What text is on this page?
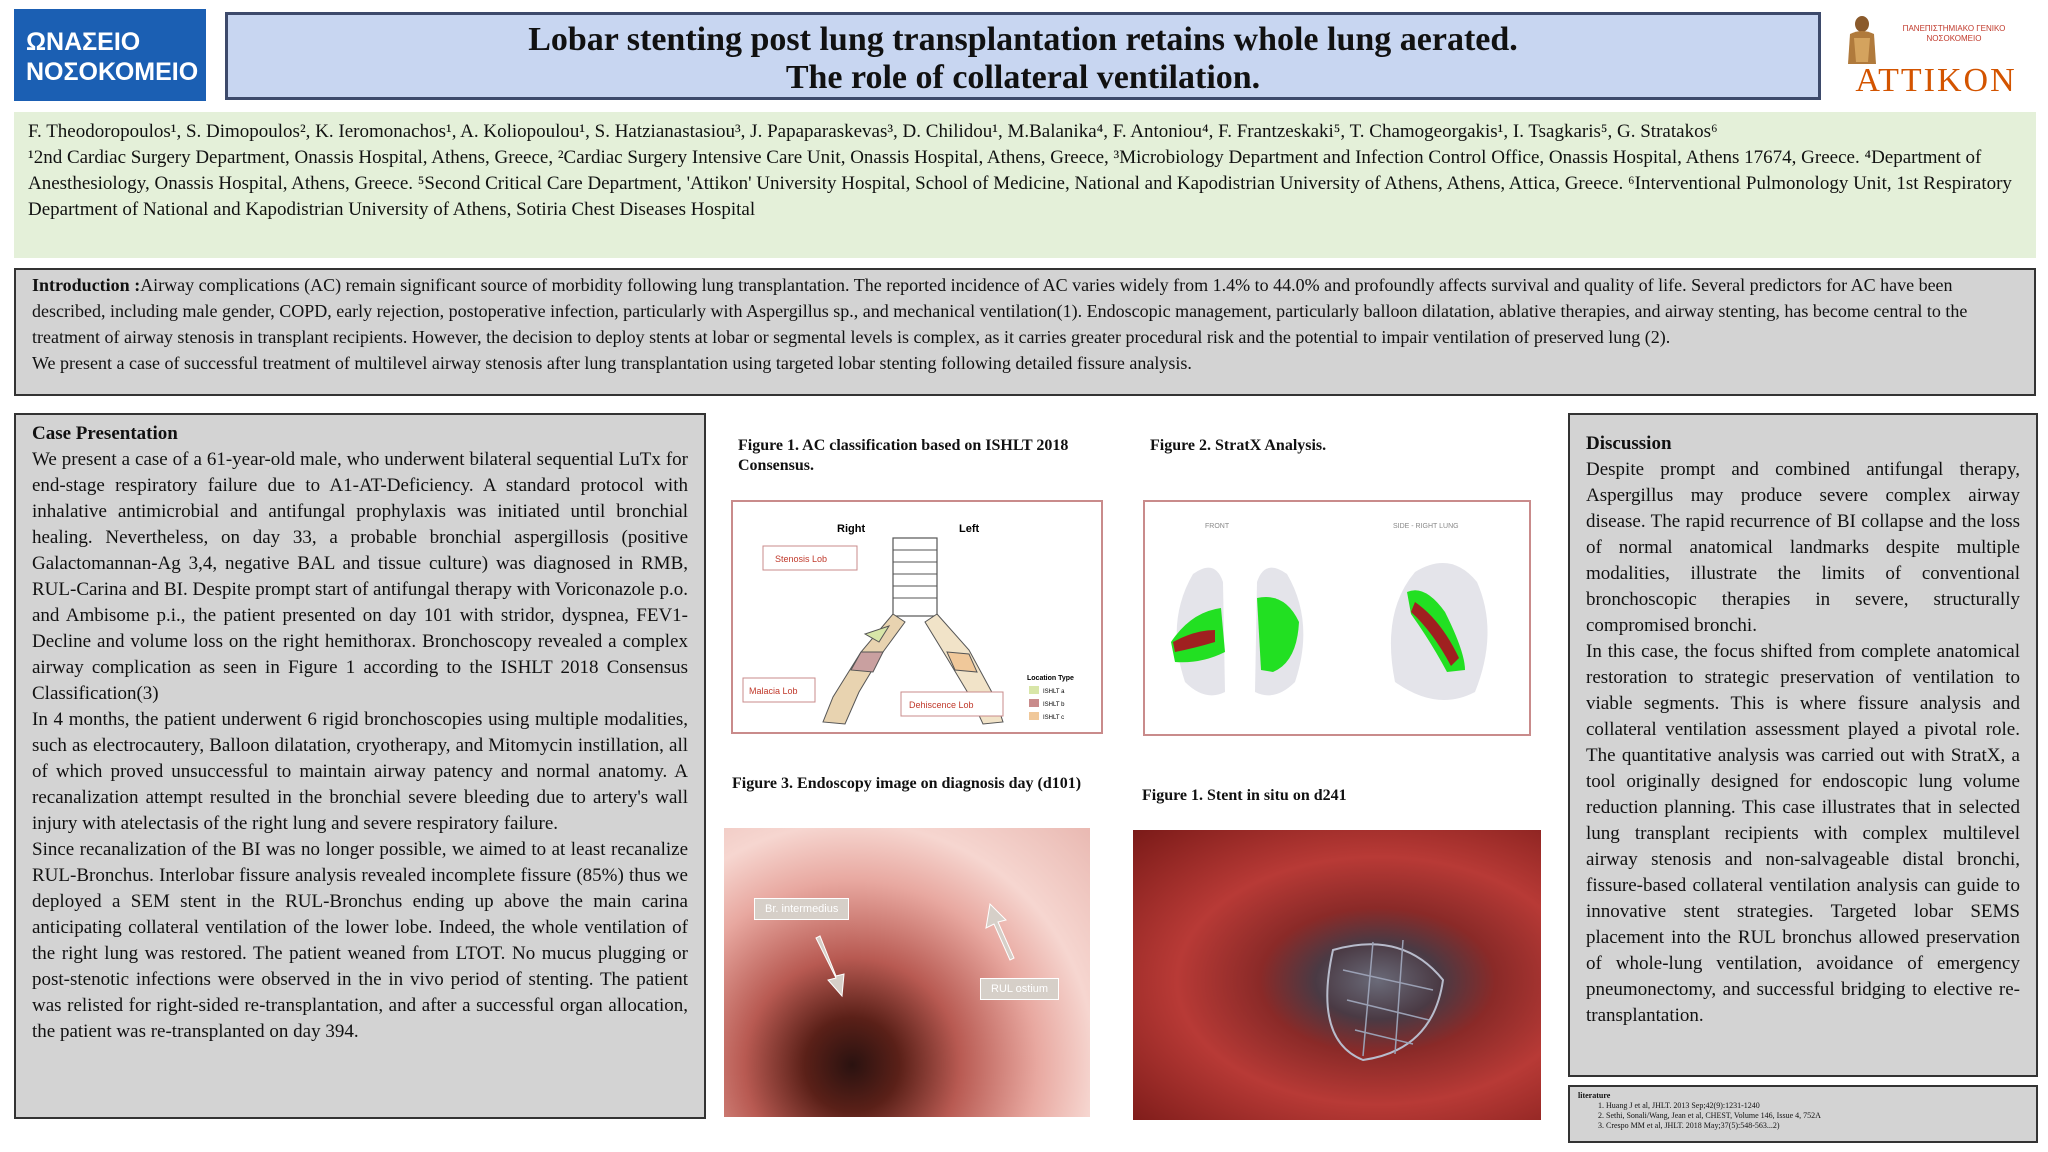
ΩΝΑΣΕΙΟ
ΝΟΣΟΚΟΜΕΙΟ
Lobar stenting post lung transplantation retains whole lung aerated.
The role of collateral ventilation.
ΠΑΝΕΠΙΣΤΗΜΙΑΚΟ ΓΕΝΙΚΟ ΝΟΣΟΚΟΜΕΙΟ
ATTIKON

F. Theodoropoulos¹, S. Dimopoulos², K. Ieromonachos¹, A. Koliopoulou¹, S. Hatzianastasiou³, J. Papaparaskevas³, D. Chilidou¹, M.Balanika⁴, F. Antoniou⁴, F. Frantzeskaki⁵, T. Chamogeorgakis¹, I. Tsagkaris⁵, G. Stratakos⁶

¹2nd Cardiac Surgery Department, Onassis Hospital, Athens, Greece, ²Cardiac Surgery Intensive Care Unit, Onassis Hospital, Athens, Greece, ³Microbiology Department and Infection Control Office, Onassis Hospital, Athens 17674, Greece. ⁴Department of Anesthesiology, Onassis Hospital, Athens, Greece. ⁵Second Critical Care Department, 'Attikon' University Hospital, School of Medicine, National and Kapodistrian University of Athens, Athens, Attica, Greece. ⁶Interventional Pulmonology Unit, 1st Respiratory Department of National and Kapodistrian University of Athens, Sotiria Chest Diseases Hospital

Introduction :Airway complications (AC) remain significant source of morbidity following lung transplantation. The reported incidence of AC varies widely from 1.4% to 44.0% and profoundly affects survival and quality of life. Several predictors for AC have been described, including male gender, COPD, early rejection, postoperative infection, particularly with Aspergillus sp., and mechanical ventilation(1). Endoscopic management, particularly balloon dilatation, ablative therapies, and airway stenting, has become central to the treatment of airway stenosis in transplant recipients. However, the decision to deploy stents at lobar or segmental levels is complex, as it carries greater procedural risk and the potential to impair ventilation of preserved lung (2).

We present a case of successful treatment of multilevel airway stenosis after lung transplantation using targeted lobar stenting following detailed fissure analysis.

Case Presentation

We present a case of a 61-year-old male, who underwent bilateral sequential LuTx for end-stage respiratory failure due to A1-AT-Deficiency. A standard protocol with inhalative antimicrobial and antifungal prophylaxis was initiated until bronchial healing. Nevertheless, on day 33, a probable bronchial aspergillosis (positive Galactomannan-Ag 3,4, negative BAL and tissue culture) was diagnosed in RMB, RUL-Carina and BI. Despite prompt start of antifungal therapy with Voriconazole p.o. and Ambisome p.i., the patient presented on day 101 with stridor, dyspnea, FEV1-Decline and volume loss on the right hemithorax. Bronchoscopy revealed a complex airway complication as seen in Figure 1 according to the ISHLT 2018 Consensus Classification(3)

In 4 months, the patient underwent 6 rigid bronchoscopies using multiple modalities, such as electrocautery, Balloon dilatation, cryotherapy, and Mitomycin instillation, all of which proved unsuccessful to maintain airway patency and normal anatomy. A recanalization attempt resulted in the bronchial severe bleeding due to artery's wall injury with atelectasis of the right lung and severe respiratory failure.

Since recanalization of the BI was no longer possible, we aimed to at least recanalize RUL-Bronchus. Interlobar fissure analysis revealed incomplete fissure (85%) thus we deployed a SEM stent in the RUL-Bronchus ending up above the main carina anticipating collateral ventilation of the lower lobe. Indeed, the whole ventilation of the right lung was restored. The patient weaned from LTOT. No mucus plugging or post-stenotic infections were observed in the in vivo period of stenting. The patient was relisted for right-sided re-transplantation, and after a successful organ allocation, the patient was re-transplanted on day 394.

Figure 1. AC classification based on ISHLT 2018 Consensus.
Right	Left
Stenosis Lob
Malacia Lob
Dehiscence Lob
Location Type
ISHLT a
ISHLT b
ISHLT c
Figure 2. StratX Analysis.
FRONT	SIDE - RIGHT LUNG
Figure 3. Endoscopy image on diagnosis day (d101)
Br. intermedius
RUL ostium
Figure 1. Stent in situ on d241

Discussion

Despite prompt and combined antifungal therapy, Aspergillus may produce severe complex airway disease. The rapid recurrence of BI collapse and the loss of normal anatomical landmarks despite multiple modalities, illustrate the limits of conventional bronchoscopic therapies in severe, structurally compromised bronchi.

In this case, the focus shifted from complete anatomical restoration to strategic preservation of ventilation to viable segments. This is where fissure analysis and collateral ventilation assessment played a pivotal role. The quantitative analysis was carried out with StratX, a tool originally designed for endoscopic lung volume reduction planning. This case illustrates that in selected lung transplant recipients with complex multilevel airway stenosis and non-salvageable distal bronchi, fissure-based collateral ventilation analysis can guide to innovative stent strategies. Targeted lobar SEMS placement into the RUL bronchus allowed preservation of whole-lung ventilation, avoidance of emergency pneumonectomy, and successful bridging to elective re-transplantation.

literature
1. Huang J et al, JHLT. 2013 Sep;42(9):1231-1240
2. Sethi, Sonali/Wang, Jean et al, CHEST, Volume 146, Issue 4, 752A
3. Crespo MM et al, JHLT. 2018 May;37(5):548-563...2)
